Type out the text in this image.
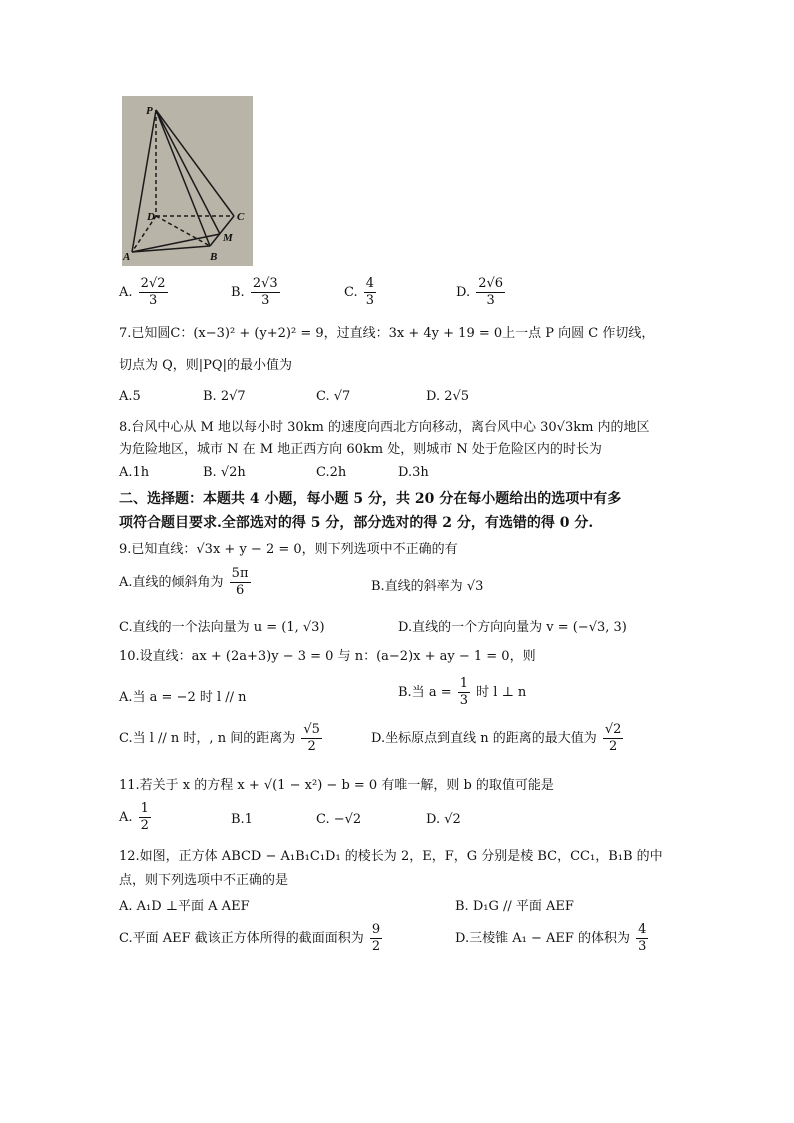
P
D	C
M
A	B
A. $\frac{2√2}{3}$	B. $\frac{2√3}{3}$	C. $\frac{4}{3}$	D. $\frac{2√6}{3}$
7.已知圆C：(x−3)² + (y+2)² = 9，过直线：3x + 4y + 19 = 0上一点 P 向圆 C 作切线，
切点为 Q，则|PQ|的最小值为
A.5	B. 2√7	C. √7	D. 2√5
8.台风中心从 M 地以每小时 30km 的速度向西北方向移动，离台风中心 30√3km 内的地区
为危险地区，城市 N 在 M 地正西方向 60km 处，则城市 N 处于危险区内的时长为
A.1h	B. √2h	C.2h	D.3h
二、选择题：本题共 4 小题，每小题 5 分，共 20 分在每小题给出的选项中有多
项符合题目要求.全部选对的得 5 分，部分选对的得 2 分，有选错的得 0 分.
9.已知直线：√3x + y − 2 = 0，则下列选项中不正确的有
A.直线的倾斜角为 $\frac{5\pi}{6}$	B.直线的斜率为 √3
C.直线的一个法向量为 u = (1, √3)	D.直线的一个方向向量为 v = (−√3, 3)
10.设直线：ax + (2a+3)y − 3 = 0 与 n：(a−2)x + ay − 1 = 0，则
A.当 a = −2 时 l // n	B.当 $a = \frac{1}{3}$ 时 l ⊥ n
C.当 l // n 时，, n 间的距离为 $\frac{√5}{2}$	D.坐标原点到直线 n 的距离的最大值为 $\frac{√2}{2}$
11.若关于 x 的方程 x + √(1 − x²) − b = 0 有唯一解，则 b 的取值可能是
A. $\frac{1}{2}$	B.1	C. −√2	D. √2
12.如图，正方体 ABCD − A₁B₁C₁D₁ 的棱长为 2，E，F，G 分别是棱 BC，CC₁，B₁B 的中
点，则下列选项中不正确的是
A. A₁D ⊥平面 A AEF	B. D₁G // 平面 AEF
C.平面 AEF 截该正方体所得的截面面积为 $\frac{9}{2}$	D.三棱锥 A₁ − AEF 的体积为 $\frac{4}{3}$
